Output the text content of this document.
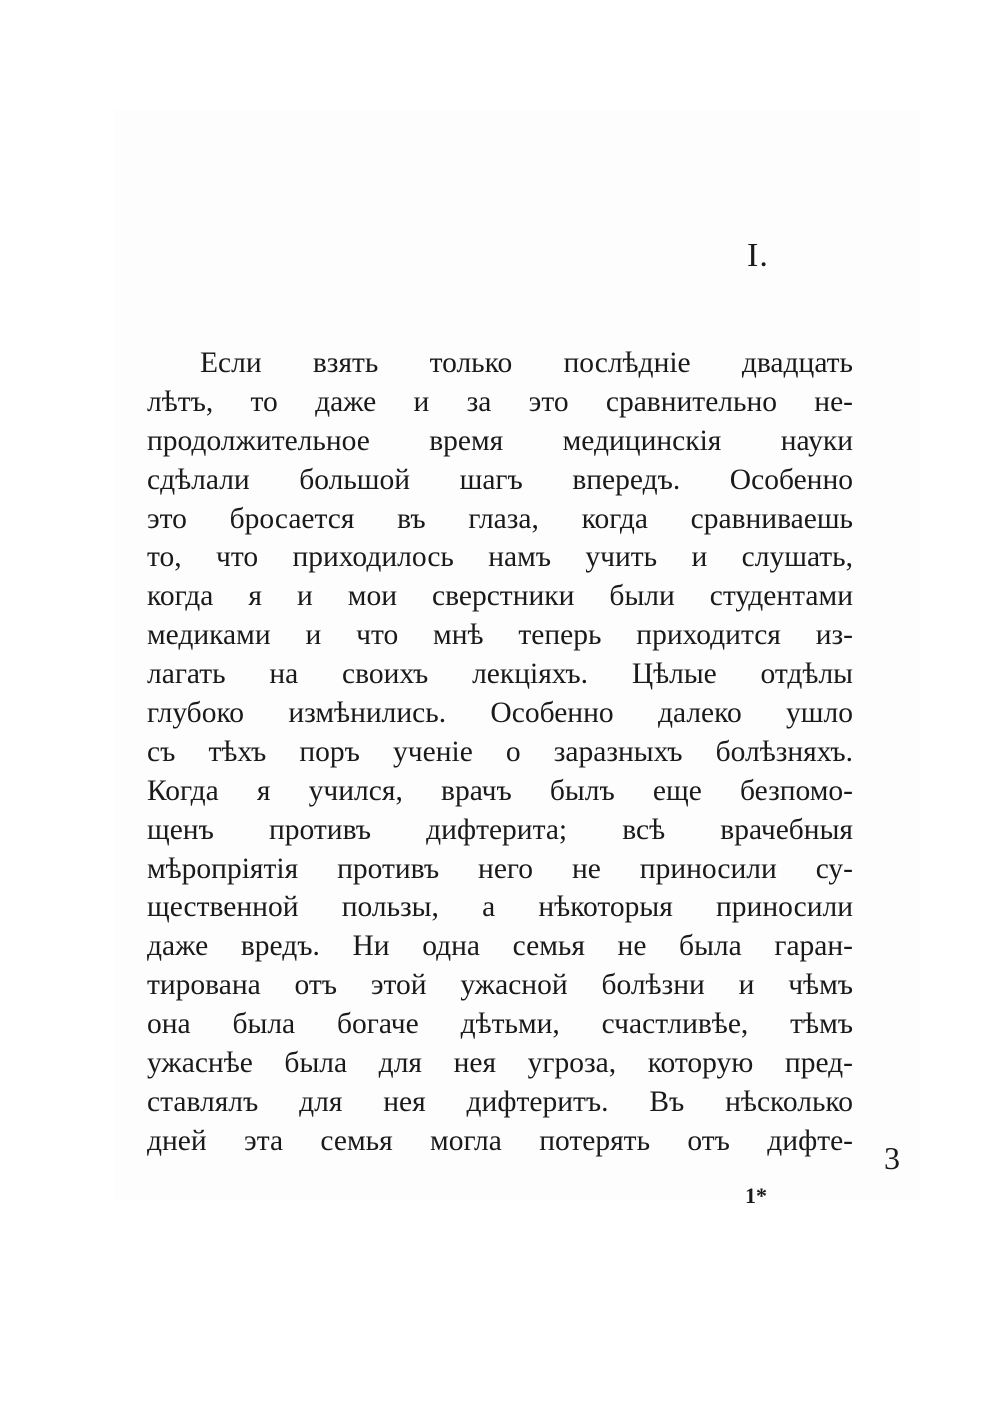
I.
Если взять только послѣдніе двадцать
лѣтъ, то даже и за это сравнительно не-
продолжительное время медицинскія науки
сдѣлали большой шагъ впередъ. Особенно
это бросается въ глаза, когда сравниваешь
то, что приходилось намъ учить и слушать,
когда я и мои сверстники были студентами
медиками и что мнѣ теперь приходится из-
лагать на своихъ лекціяхъ. Цѣлые отдѣлы
глубоко измѣнились. Особенно далеко ушло
съ тѣхъ поръ ученіе о заразныхъ болѣзняхъ.
Когда я учился, врачъ былъ еще безпомо-
щенъ противъ дифтерита; всѣ врачебныя
мѣропріятія противъ него не приносили су-
щественной пользы, а нѣкоторыя приносили
даже вредъ. Ни одна семья не была гаран-
тирована отъ этой ужасной болѣзни и чѣмъ
она была богаче дѣтьми, счастливѣе, тѣмъ
ужаснѣе была для нея угроза, которую пред-
ставлялъ для нея дифтеритъ. Въ нѣсколько
дней эта семья могла потерять отъ дифте- 3
1*
